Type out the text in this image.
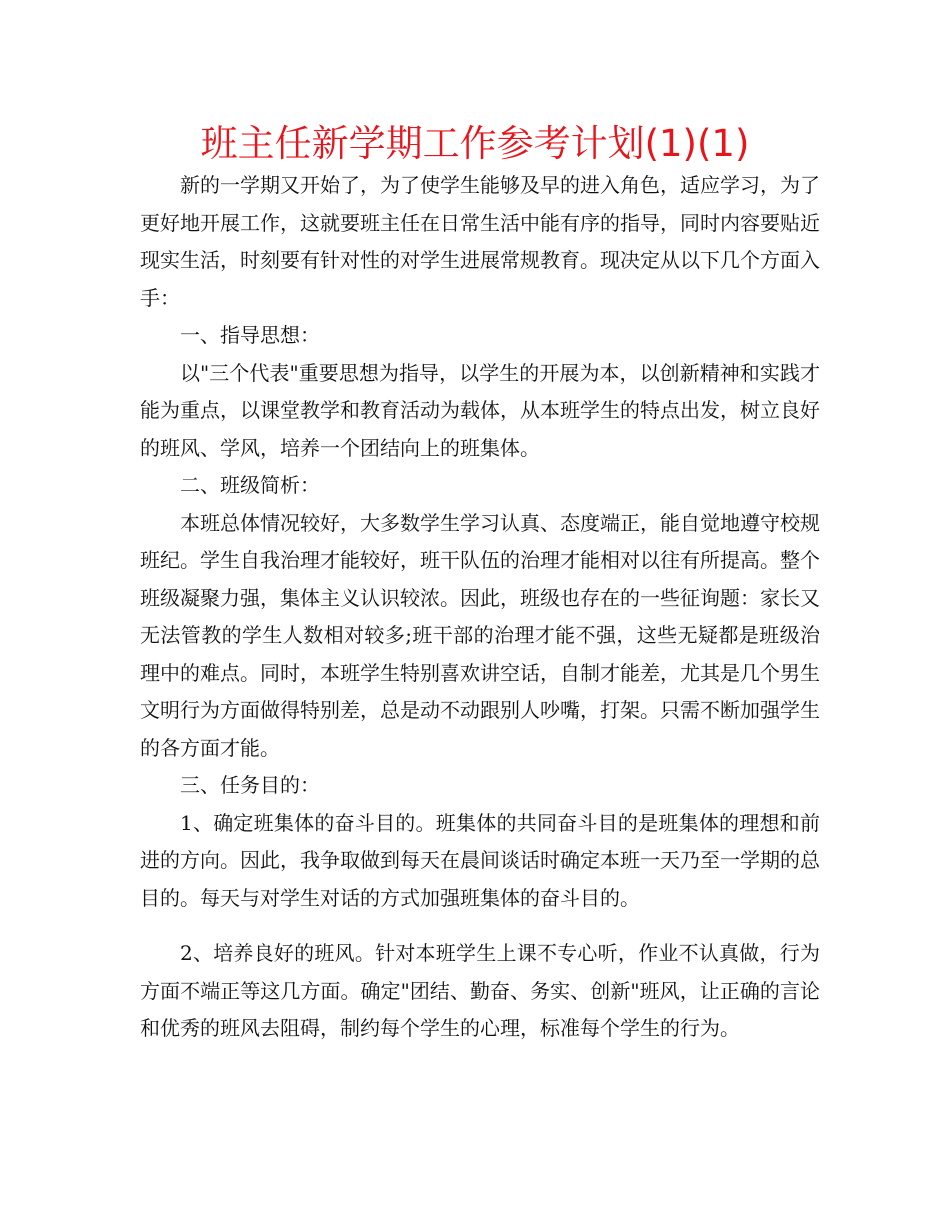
班主任新学期工作参考计划(1)(1)

新的一学期又开始了，为了使学生能够及早的进入角色，适应学习，为了更好地开展工作，这就要班主任在日常生活中能有序的指导，同时内容要贴近现实生活，时刻要有针对性的对学生进展常规教育。现决定从以下几个方面入手：

一、指导思想：

以"三个代表"重要思想为指导，以学生的开展为本，以创新精神和实践才能为重点，以课堂教学和教育活动为载体，从本班学生的特点出发，树立良好的班风、学风，培养一个团结向上的班集体。

二、班级简析：

本班总体情况较好，大多数学生学习认真、态度端正，能自觉地遵守校规班纪。学生自我治理才能较好，班干队伍的治理才能相对以往有所提高。整个班级凝聚力强，集体主义认识较浓。因此，班级也存在的一些征询题：家长又无法管教的学生人数相对较多;班干部的治理才能不强，这些无疑都是班级治理中的难点。同时，本班学生特别喜欢讲空话，自制才能差，尤其是几个男生文明行为方面做得特别差，总是动不动跟别人吵嘴，打架。只需不断加强学生的各方面才能。

三、任务目的：

1、确定班集体的奋斗目的。班集体的共同奋斗目的是班集体的理想和前进的方向。因此，我争取做到每天在晨间谈话时确定本班一天乃至一学期的总目的。每天与对学生对话的方式加强班集体的奋斗目的。

2、培养良好的班风。针对本班学生上课不专心听，作业不认真做，行为方面不端正等这几方面。确定"团结、勤奋、务实、创新"班风，让正确的言论和优秀的班风去阻碍，制约每个学生的心理，标准每个学生的行为。
